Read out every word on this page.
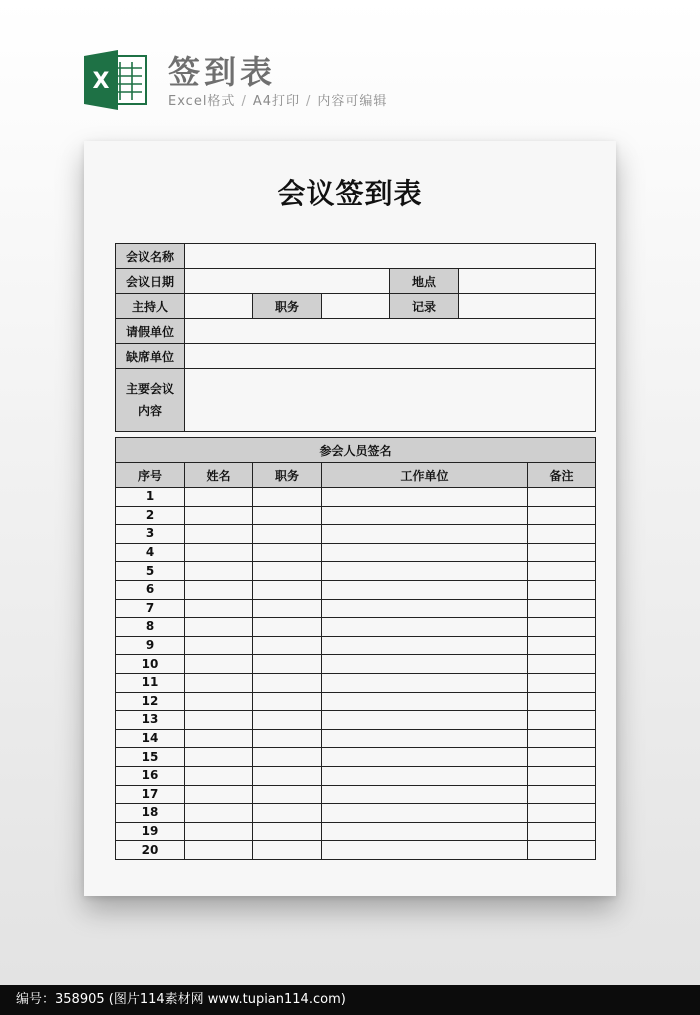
X 签到表
Excel格式 / A4打印 / 内容可编辑
会议签到表
会议名称					
会议日期				地点	
主持人		职务		记录	
请假单位					
缺席单位					

主要会议
内容					

参会人员签名				
序号	姓名	职务	工作单位	备注
1				
2				
3				
4				
5				
6				
7				
8				
9				
10				
11				
12				
13				
14				
15				
16				
17				
18				
19				
20				
编号：358905 (图片114素材网 www.tupian114.com)
